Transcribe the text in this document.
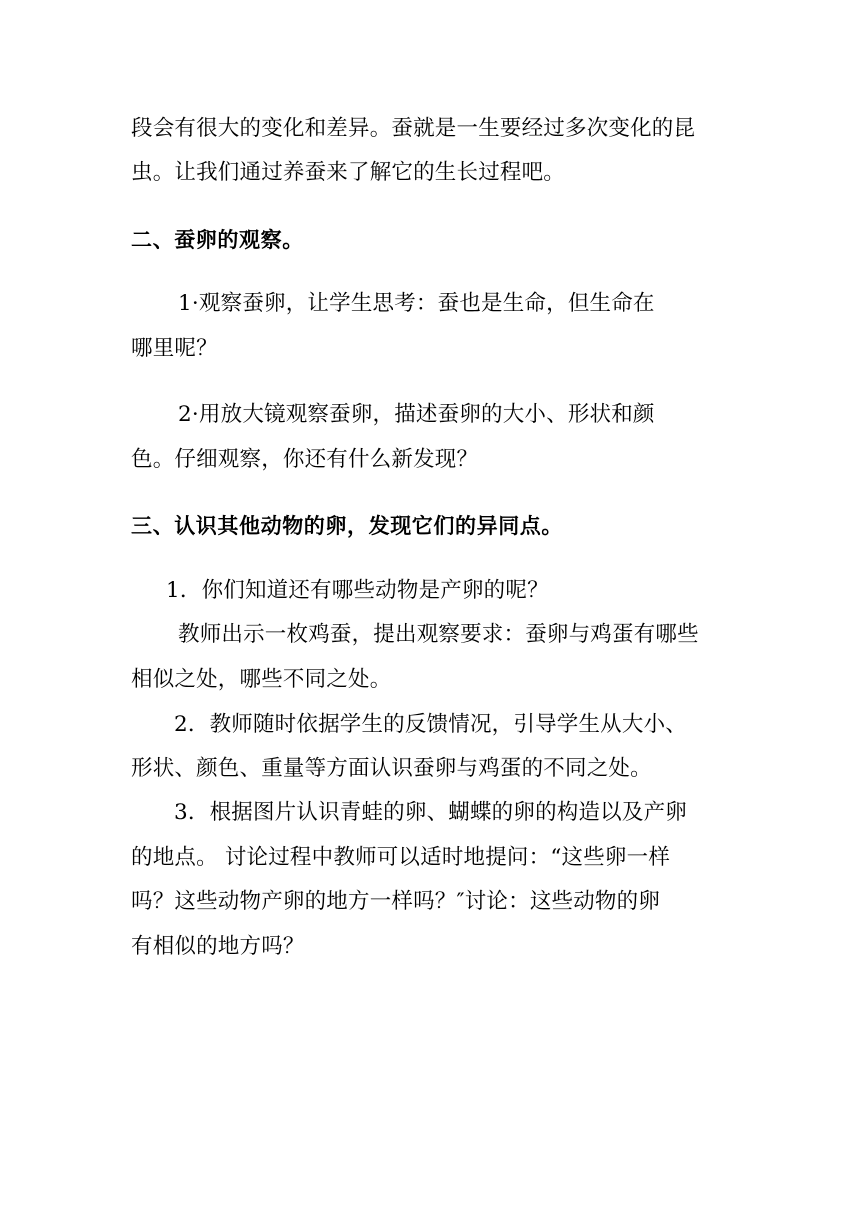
段会有很大的变化和差异。蚕就是一生要经过多次变化的昆
虫。让我们通过养蚕来了解它的生长过程吧。
二、蚕卵的观察。
1·观察蚕卵，让学生思考：蚕也是生命，但生命在
哪里呢？
2·用放大镜观察蚕卵，描述蚕卵的大小、形状和颜
色。仔细观察，你还有什么新发现？
三、认识其他动物的卵，发现它们的异同点。
1．你们知道还有哪些动物是产卵的呢？
教师出示一枚鸡蚕，提出观察要求：蚕卵与鸡蛋有哪些
相似之处，哪些不同之处。
2．教师随时依据学生的反馈情况，引导学生从大小、
形状、颜色、重量等方面认识蚕卵与鸡蛋的不同之处。
3．根据图片认识青蛙的卵、蝴蝶的卵的构造以及产卵
的地点。 讨论过程中教师可以适时地提问：“这些卵一样
吗？这些动物产卵的地方一样吗？″讨论：这些动物的卵
有相似的地方吗？
